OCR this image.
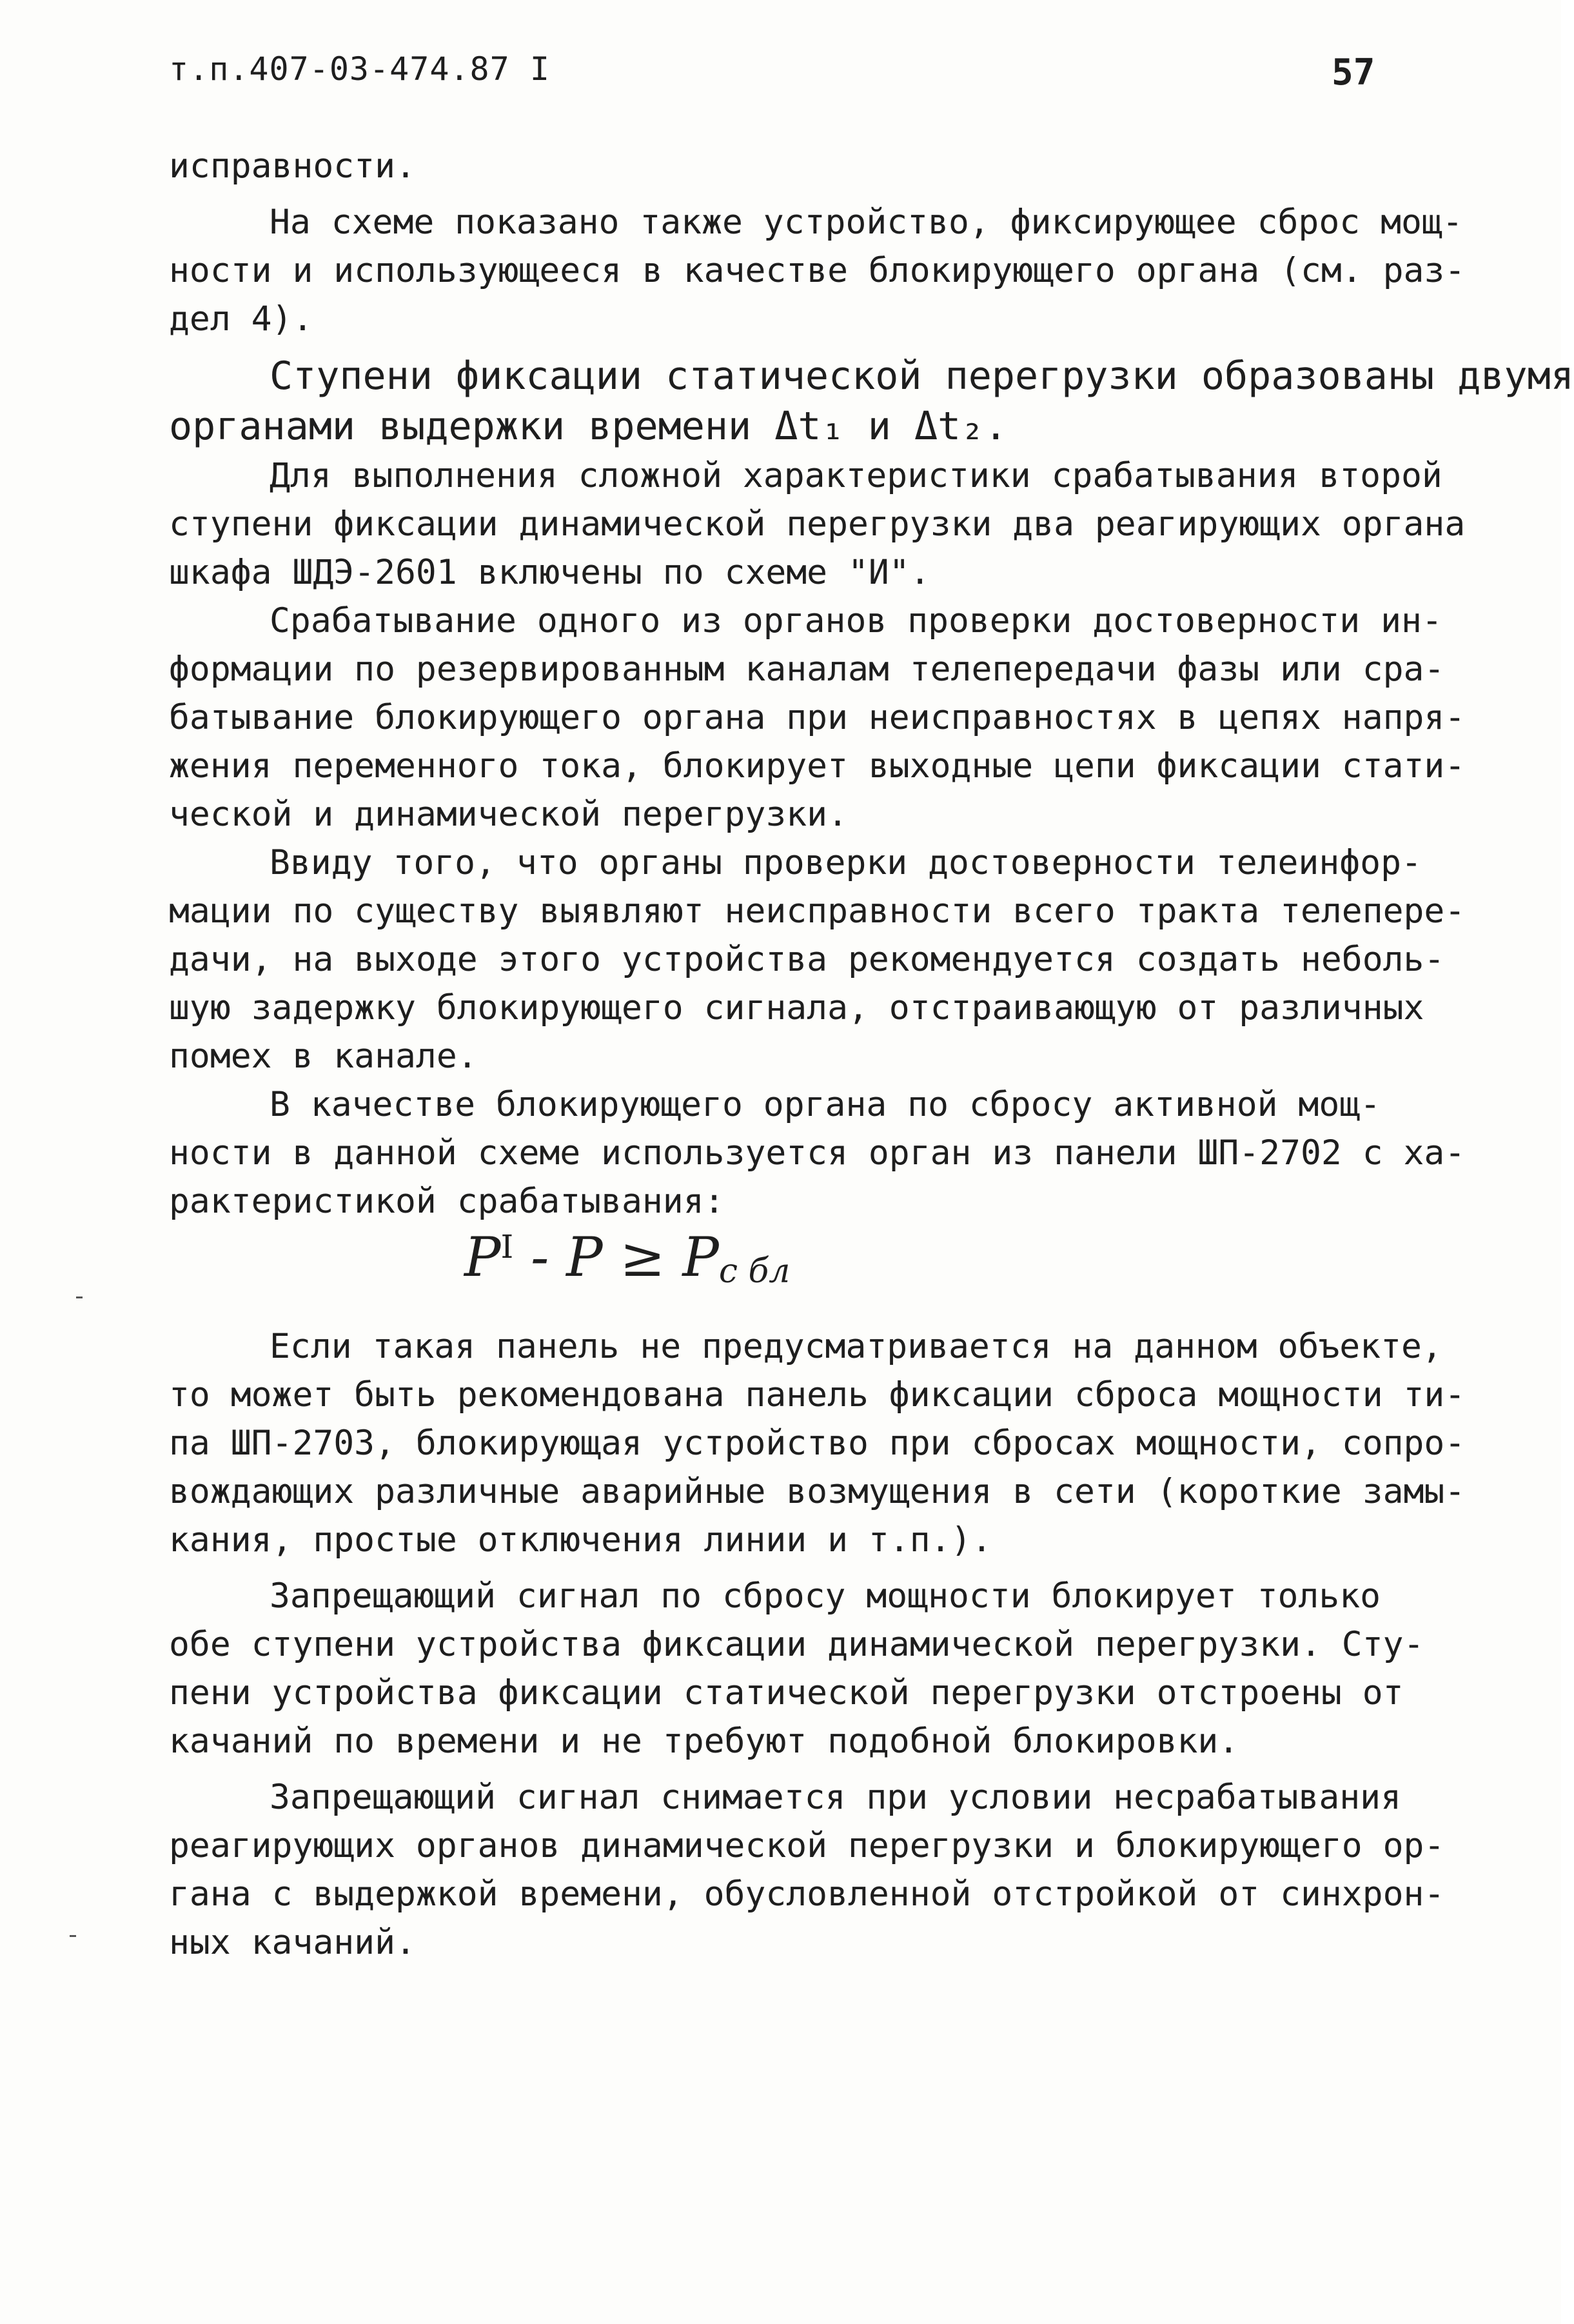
т.п.407-03-474.87 I	57
исправности.
На схеме показано также устройство, фиксирующее сброс мощ-
ности и использующееся в качестве блокирующего органа (см. раз-
дел 4).
Ступени фиксации статической перегрузки образованы двумя
органами выдержки времени Δt₁ и Δt₂.
Для выполнения сложной характеристики срабатывания второй
ступени фиксации динамической перегрузки два реагирующих органа
шкафа ШДЭ-2601 включены по схеме "И".
Срабатывание одного из органов проверки достоверности ин-
формации по резервированным каналам телепередачи фазы или сра-
батывание блокирующего органа при неисправностях в цепях напря-
жения переменного тока, блокирует выходные цепи фиксации стати-
ческой и динамической перегрузки.
Ввиду того, что органы проверки достоверности телеинфор-
мации по существу выявляют неисправности всего тракта телепере-
дачи, на выходе этого устройства рекомендуется создать неболь-
шую задержку блокирующего сигнала, отстраивающую от различных
помех в канале.
В качестве блокирующего органа по сбросу активной мощ-
ности в данной схеме используется орган из панели ШП-2702 с ха-
рактеристикой срабатывания:
Если такая панель не предусматривается на данном объекте,
то может быть рекомендована панель фиксации сброса мощности ти-
па ШП-2703, блокирующая устройство при сбросах мощности, сопро-
вождающих различные аварийные возмущения в сети (короткие замы-
кания, простые отключения линии и т.п.).
Запрещающий сигнал по сбросу мощности блокирует только
обе ступени устройства фиксации динамической перегрузки. Сту-
пени устройства фиксации статической перегрузки отстроены от
качаний по времени и не требуют подобной блокировки.
Запрещающий сигнал снимается при условии несрабатывания
реагирующих органов динамической перегрузки и блокирующего ор-
гана с выдержкой времени, обусловленной отстройкой от синхрон-
ных качаний.
$P^I - P \ge P_{с бл}$
